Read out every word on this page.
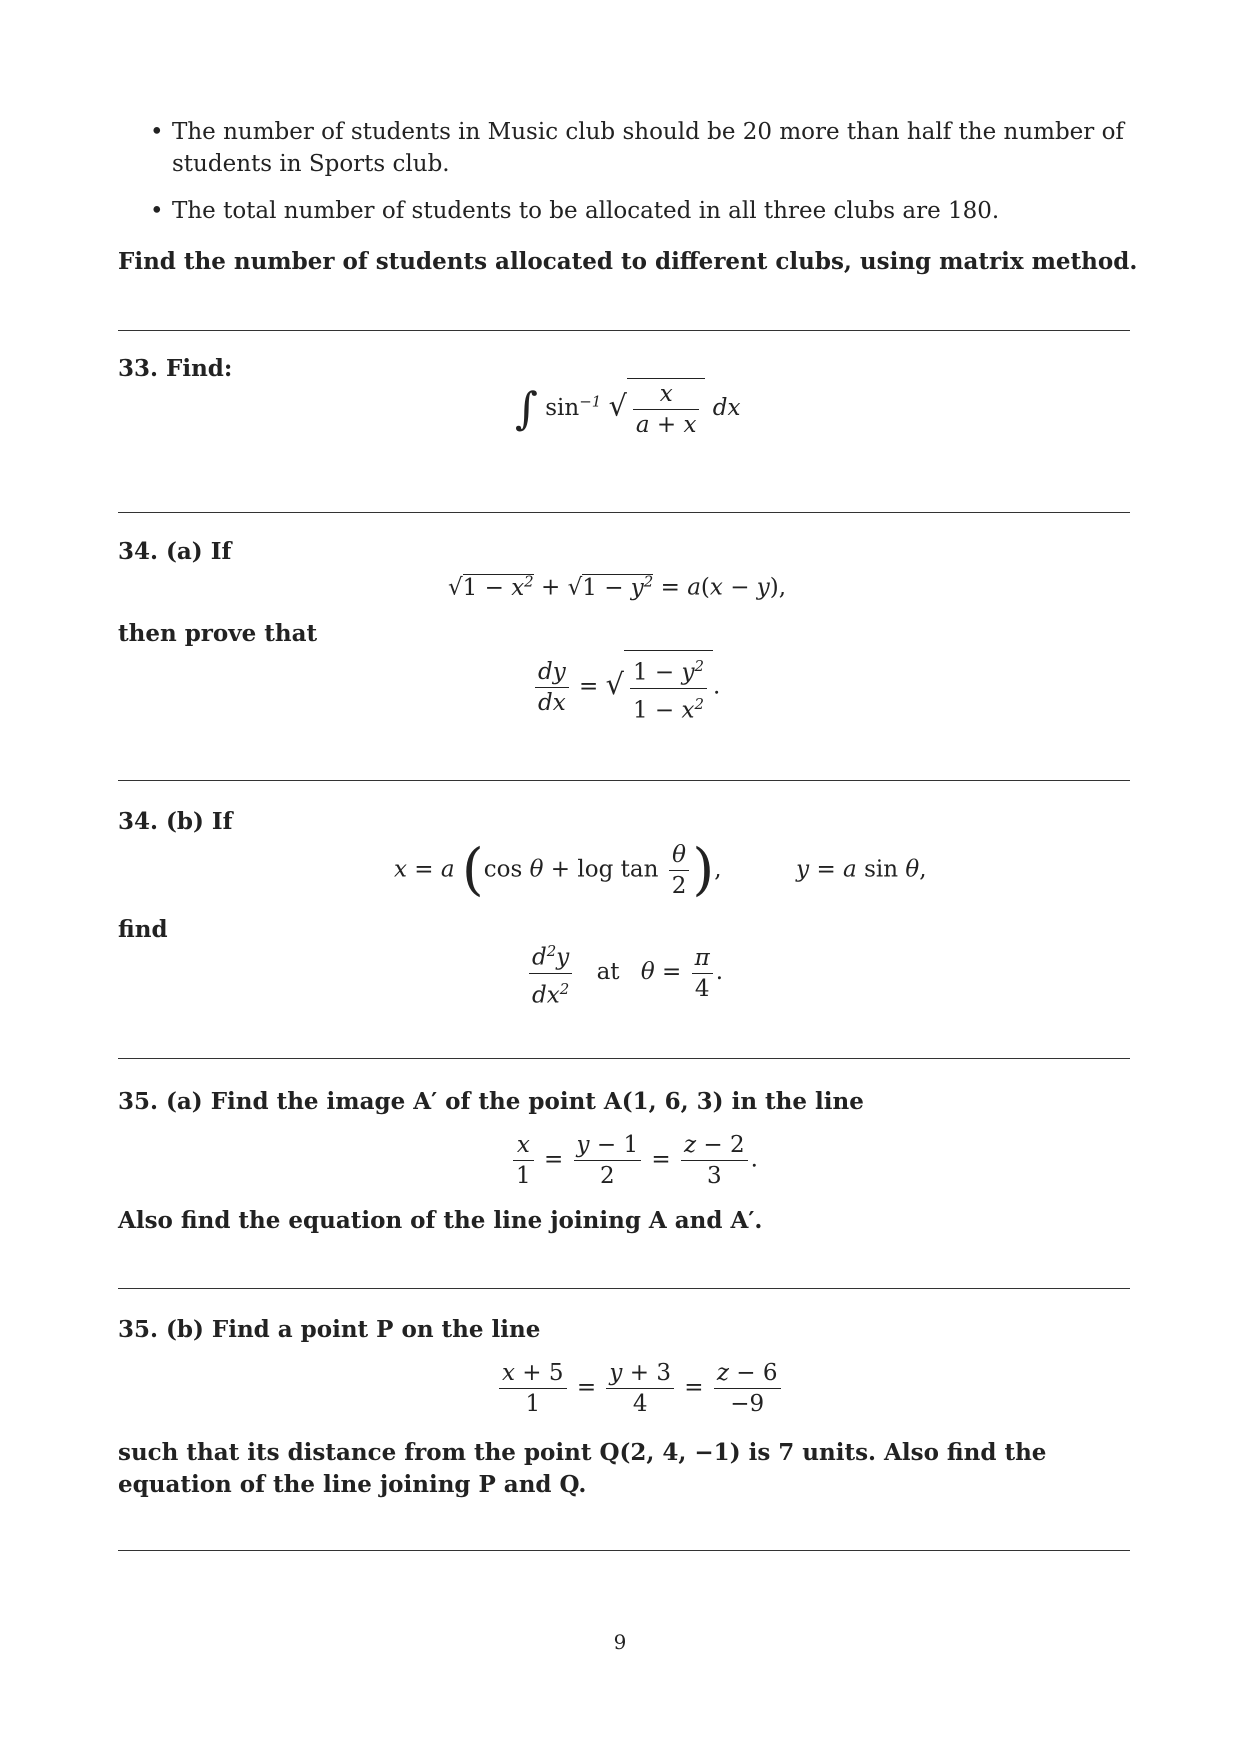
• The number of students in Music club should be 20 more than half the number of students in Sports club.
• The total number of students to be allocated in all three clubs are 180.
Find the number of students allocated to different clubs, using matrix method.
33. Find:
∫ $\sin^{-1}$ √ $\frac{x}{a + x}$ dx
34. (a) If
$√1 - x^2 + √1 - y^2 = a(x - y)$,
then prove that
$\frac{dy}{dx}$ = √ $\frac{1 - y^2}{1 - x^2}$ .
34. (b) If
x = a (cos $\theta + \log \tan \frac{\theta}{2}$ ),	y = a sin θ,
find
$\frac{d^2y}{dx^2}$ at $\theta = \frac{\pi}{4}$ .
35. (a) Find the image A′ of the point A(1, 6, 3) in the line
$\frac{x}{1} = \frac{y - 1}{2} = \frac{z - 2}{3}$ .
Also find the equation of the line joining A and A′.
35. (b) Find a point P on the line
$\frac{x + 5}{1} = \frac{y + 3}{4} = \frac{z - 6}{-9}$
such that its distance from the point Q(2, 4, −1) is 7 units. Also find the equation of the line joining P and Q.
9
